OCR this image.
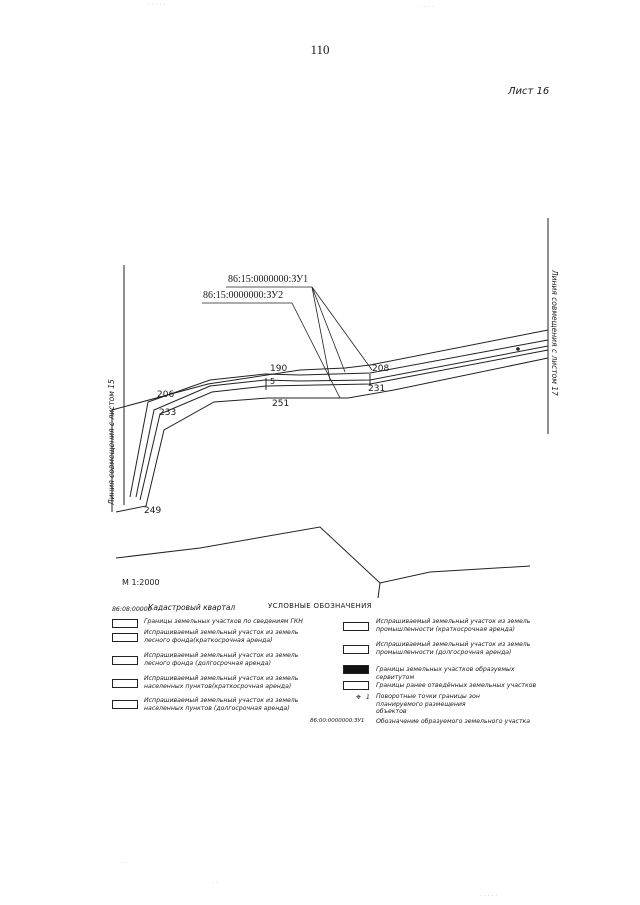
· · · · ·	· · · ·
110
Лист 16
86:15:0000000:ЗУ1
86:15:0000000:ЗУ2
190
5
208
206
231
233
251
249
Линия совмещения с листом 15
Линия совмещения с листом 17
М 1:2000
УСЛОВНЫЕ ОБОЗНАЧЕНИЯ
86:08:00000
Кадастровый квартал
Границы земельных участков по сведениям ГКН
Испрашиваемый земельный участок из земель лесного фонда(краткосрочная аренда)
Испрашиваемый земельный участок из земель лесного фонда (долгосрочная аренда)
Испрашиваемый земельный участок из земель населенных пунктов(краткосрочная аренда)
Испрашиваемый земельный участок из земель населенных пунктов (долгосрочная аренда)
Испрашиваемый земельный участок из земель промышленности (краткосрочная аренда)
Испрашиваемый земельный участок из земель промышленности (долгосрочная аренда)
Границы земельных участков образуемых сервитутом
Границы ранее отведённых земельных участков
⌖ 1 Поворотные точки границы зон планируемого размещения объектов
86:00:0000000:ЗУ1 Обозначение образуемого земельного участка
· ·
· ·
· · · · ·
